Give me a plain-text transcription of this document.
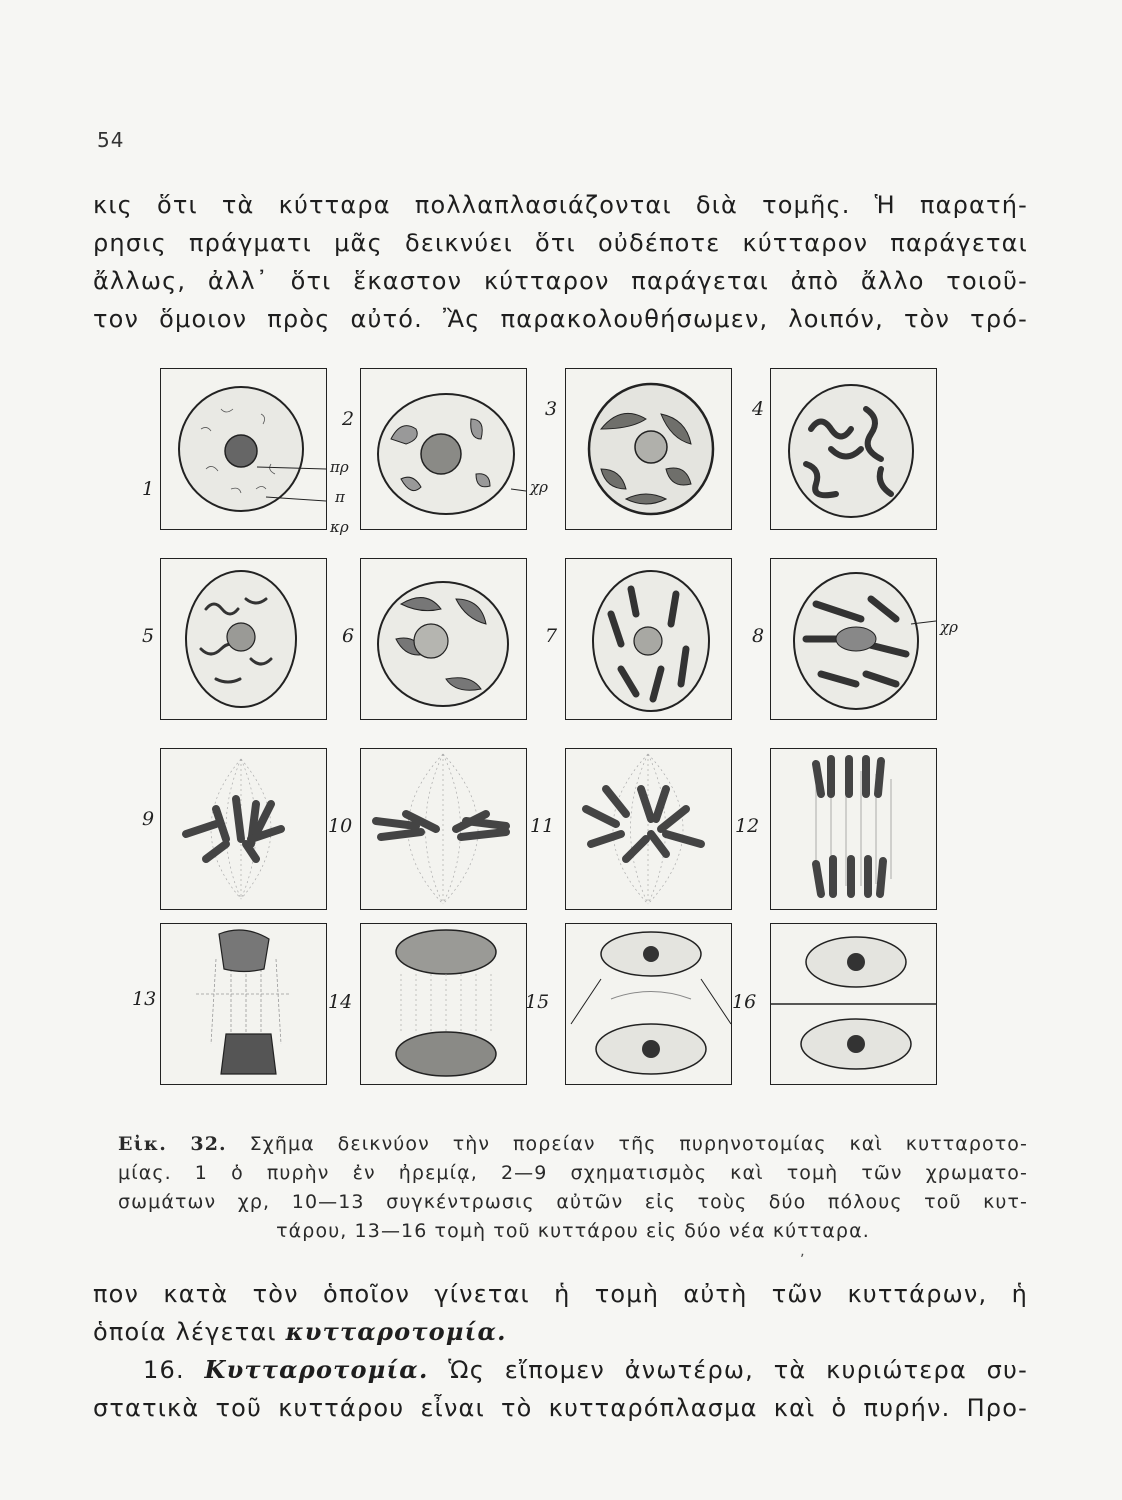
54
κις ὅτι τὰ κύτταρα πολλαπλασιάζονται διὰ τομῆς. Ἡ παρατή-
ρησις πράγματι μᾶς δεικνύει ὅτι οὐδέποτε κύτταρον παράγεται
ἄλλως, ἀλλ᾿ ὅτι ἕκαστον κύτταρον παράγεται ἀπὸ ἄλλο τοιοῦ-
τον ὅμοιον πρὸς αὐτό. Ἂς παρακολουθήσωμεν, λοιπόν, τὸν τρό-
1
2	3	4
5	6	7	8
9	10	11	12
13	14	15	16
πρ
π
κρ
χρ
χρ
Εἰκ. 32. Σχῆμα δεικνύον τὴν πορείαν τῆς πυρηνοτομίας καὶ κυτταροτο-
μίας. 1 ὁ πυρὴν ἐν ἠρεμίᾳ, 2—9 σχηματισμὸς καὶ τομὴ τῶν χρωματο-
σωμάτων χρ, 10—13 συγκέντρωσις αὐτῶν εἰς τοὺς δύο πόλους τοῦ κυτ-
τάρου, 13—16 τομὴ τοῦ κυττάρου εἰς δύο νέα κύτταρα.
ʼ
πον κατὰ τὸν ὁποῖον γίνεται ἡ τομὴ αὐτὴ τῶν κυττάρων, ἡ
ὁποία λέγεται κυτταροτομία.
16. Κυτταροτομία. Ὡς εἴπομεν ἀνωτέρω, τὰ κυριώτερα συ-
στατικὰ τοῦ κυττάρου εἶναι τὸ κυτταρόπλασμα καὶ ὁ πυρήν. Προ-
